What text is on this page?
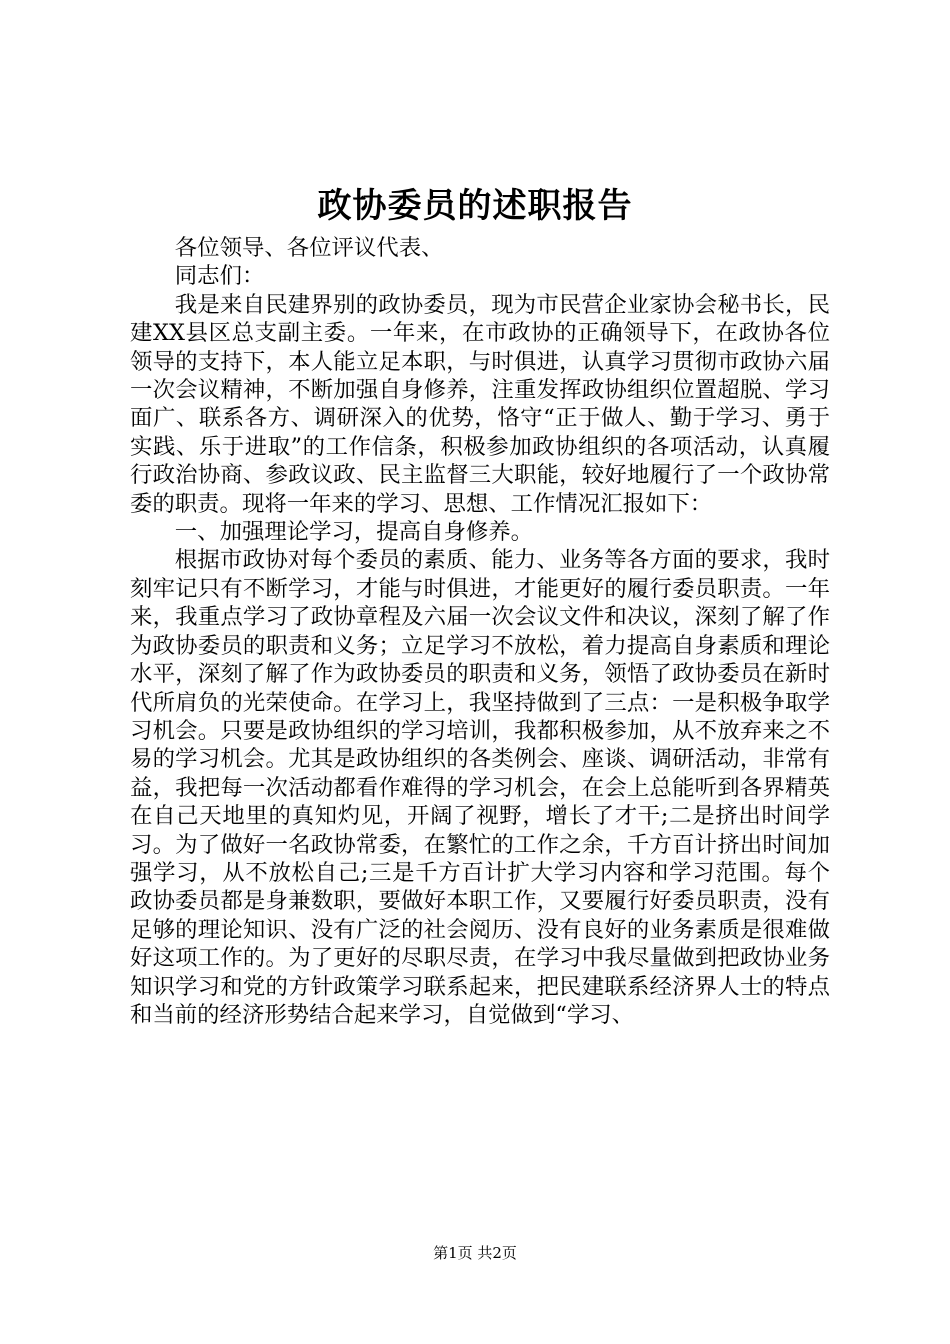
政协委员的述职报告

各位领导、各位评议代表、

同志们：

我是来自民建界别的政协委员，现为市民营企业家协会秘书长，民建XX县区总支副主委。一年来，在市政协的正确领导下，在政协各位领导的支持下，本人能立足本职，与时俱进，认真学习贯彻市政协六届一次会议精神，不断加强自身修养，注重发挥政协组织位置超脱、学习面广、联系各方、调研深入的优势，恪守“正于做人、勤于学习、勇于实践、乐于进取”的工作信条，积极参加政协组织的各项活动，认真履行政治协商、参政议政、民主监督三大职能，较好地履行了一个政协常委的职责。现将一年来的学习、思想、工作情况汇报如下：

一、加强理论学习，提高自身修养。

根据市政协对每个委员的素质、能力、业务等各方面的要求，我时刻牢记只有不断学习，才能与时俱进，才能更好的履行委员职责。一年来，我重点学习了政协章程及六届一次会议文件和决议，深刻了解了作为政协委员的职责和义务；立足学习不放松，着力提高自身素质和理论水平，深刻了解了作为政协委员的职责和义务，领悟了政协委员在新时代所肩负的光荣使命。在学习上，我坚持做到了三点：一是积极争取学习机会。只要是政协组织的学习培训，我都积极参加，从不放弃来之不易的学习机会。尤其是政协组织的各类例会、座谈、调研活动，非常有益，我把每一次活动都看作难得的学习机会，在会上总能听到各界精英在自己天地里的真知灼见，开阔了视野，增长了才干;二是挤出时间学习。为了做好一名政协常委，在繁忙的工作之余，千方百计挤出时间加强学习，从不放松自己;三是千方百计扩大学习内容和学习范围。每个政协委员都是身兼数职，要做好本职工作，又要履行好委员职责，没有足够的理论知识、没有广泛的社会阅历、没有良好的业务素质是很难做好这项工作的。为了更好的尽职尽责，在学习中我尽量做到把政协业务知识学习和党的方针政策学习联系起来，把民建联系经济界人士的特点和当前的经济形势结合起来学习，自觉做到“学习、

第1页 共2页
